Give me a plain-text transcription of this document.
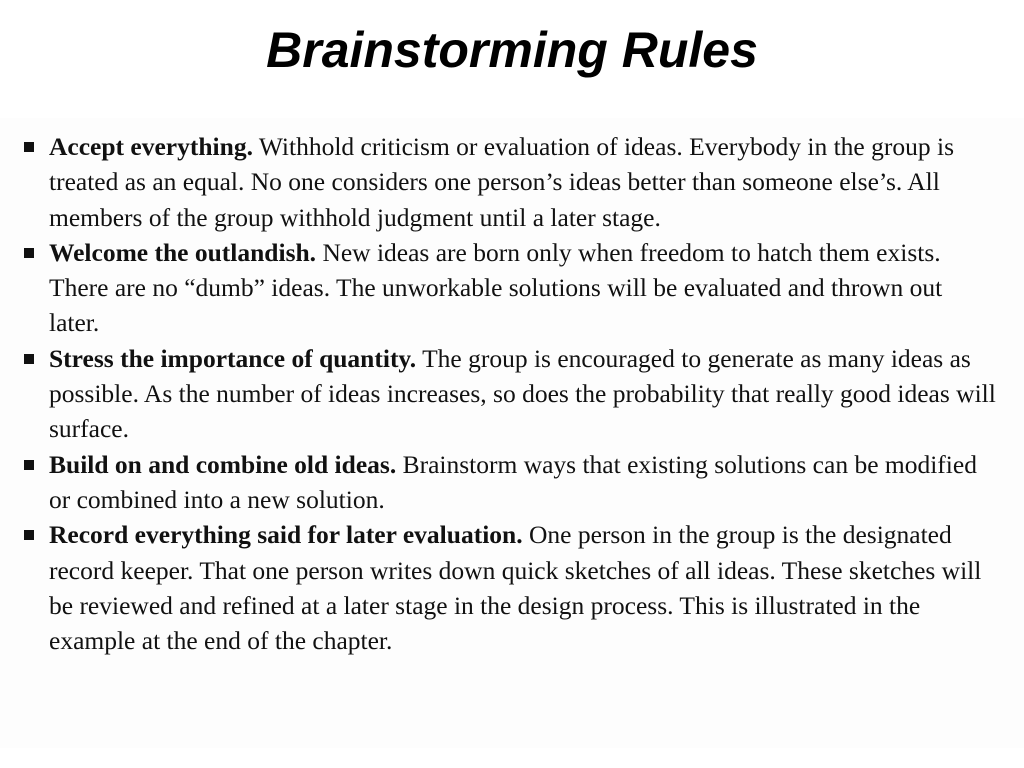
Brainstorming Rules
Accept everything. Withhold criticism or evaluation of ideas. Everybody in the group is treated as an equal. No one considers one person’s ideas better than someone else’s. All members of the group withhold judgment until a later stage.
Welcome the outlandish. New ideas are born only when freedom to hatch them exists. There are no “dumb” ideas. The unworkable solutions will be evaluated and thrown out later.
Stress the importance of quantity. The group is encouraged to generate as many ideas as possible. As the number of ideas increases, so does the probability that really good ideas will surface.
Build on and combine old ideas. Brainstorm ways that existing solutions can be modified or combined into a new solution.
Record everything said for later evaluation. One person in the group is the designated record keeper. That one person writes down quick sketches of all ideas. These sketches will be reviewed and refined at a later stage in the design process. This is illustrated in the example at the end of the chapter.
